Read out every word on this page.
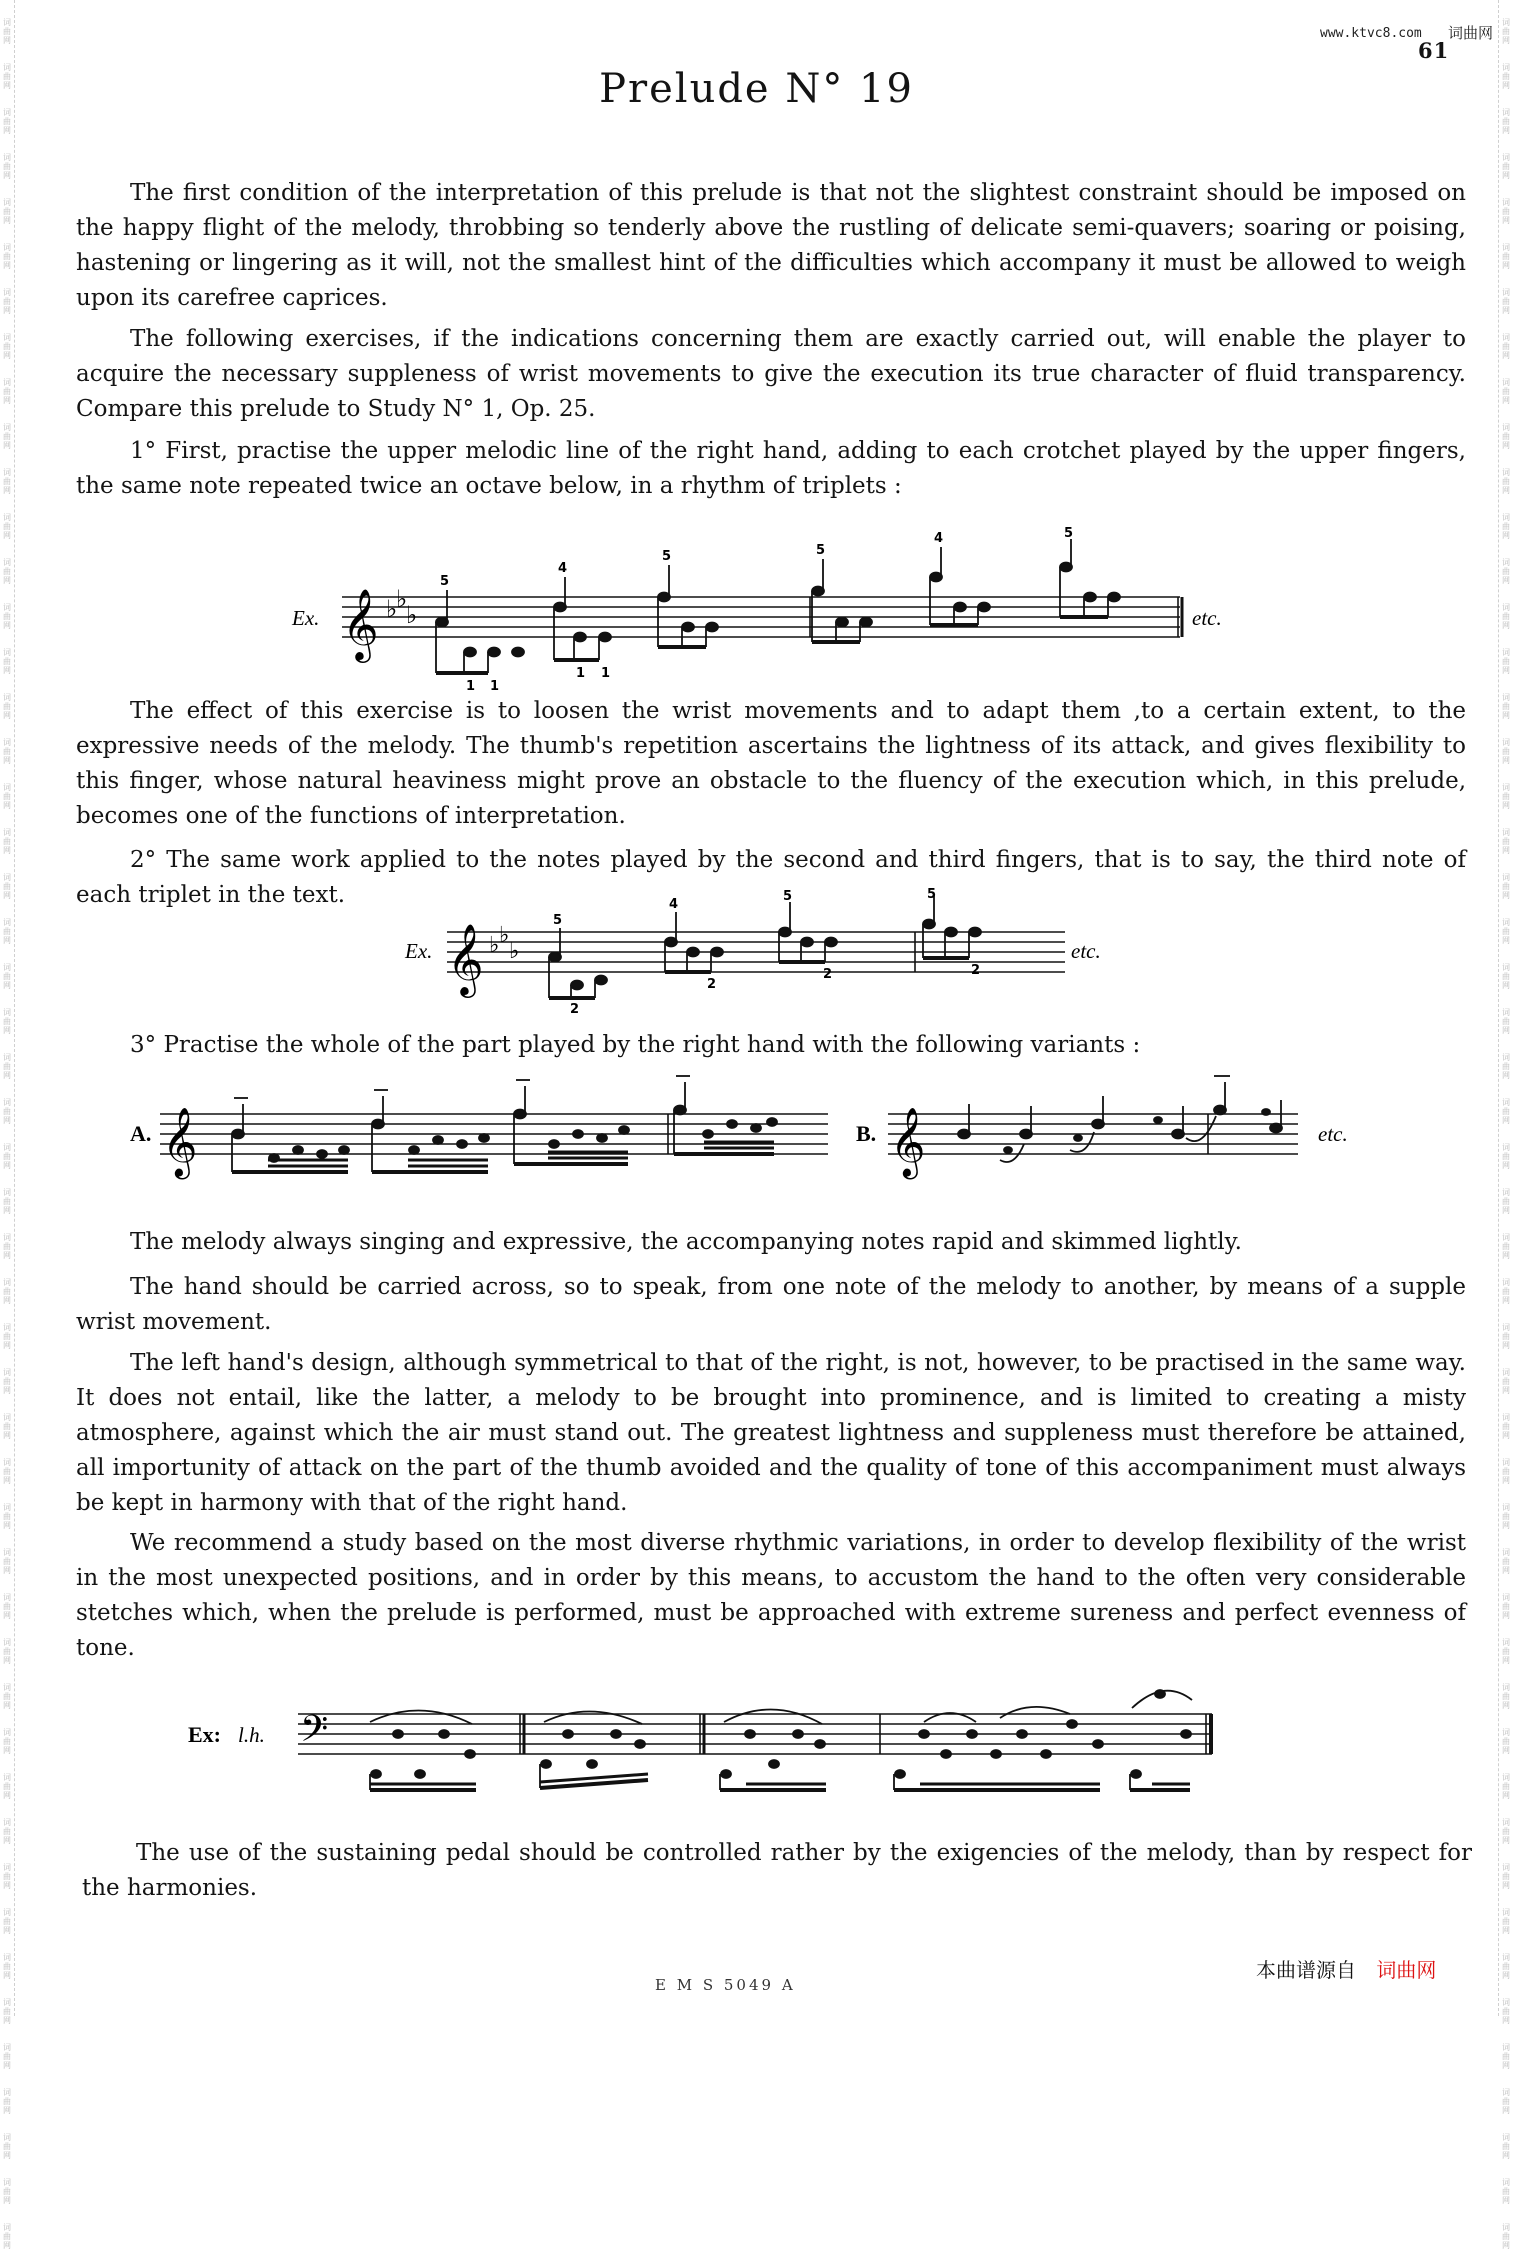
词曲网
词曲网
词曲网
词曲网
词曲网
词曲网
词曲网
词曲网
词曲网
词曲网
词曲网
词曲网
词曲网
词曲网
词曲网
词曲网
词曲网
词曲网
词曲网
词曲网
词曲网
词曲网
词曲网
词曲网
词曲网
词曲网
词曲网
词曲网
词曲网
词曲网
词曲网
词曲网
词曲网
词曲网
词曲网
词曲网
词曲网
词曲网
词曲网
词曲网
词曲网
词曲网
词曲网
词曲网
词曲网
词曲网
词曲网
词曲网
词曲网
词曲网
词曲网
词曲网
词曲网
词曲网
词曲网
词曲网
词曲网
词曲网
词曲网
词曲网
词曲网
词曲网
词曲网
词曲网
词曲网
词曲网
词曲网
词曲网
词曲网
词曲网
词曲网
词曲网
词曲网
词曲网
词曲网
词曲网
词曲网
词曲网
词曲网
词曲网
词曲网
词曲网
词曲网
词曲网
词曲网
词曲网
词曲网
词曲网
词曲网
词曲网
词曲网
词曲网
词曲网
词曲网
词曲网
词曲网
词曲网
词曲网
词曲网
词曲网
www.ktvc8.com 词曲网
61
Prelude N° 19

The first condition of the interpretation of this prelude is that not the slightest constraint should be imposed on the happy flight of the melody, throbbing so tenderly above the rustling of delicate semi-quavers; soaring or poising, hastening or lingering as it will, not the smallest hint of the difficulties which accompany it must be allowed to weigh upon its carefree caprices.

The following exercises, if the indications concerning them are exactly carried out, will enable the player to acquire the necessary suppleness of wrist movements to give the execution its true character of fluid transparency. Compare this prelude to Study N° 1, Op. 25.

1° First, practise the upper melodic line of the right hand, adding to each crotchet played by the upper fingers, the same note repeated twice an octave below, in a rhythm of triplets :

Ex. 𝄞 ♭
♭
♭
5
4
5	5
4	5
1 1
1 1
etc.

The effect of this exercise is to loosen the wrist movements and to adapt them ,to a certain extent, to the expressive needs of the melody. The thumb's repetition ascertains the lightness of its attack, and gives flexibility to this finger, whose natural heaviness might prove an obstacle to the fluency of the execution which, in this prelude, becomes one of the functions of interpretation.

2° The same work applied to the notes played by the second and third fingers, that is to say, the third note of each triplet in the text.

Ex. 𝄞 ♭ ♭
♭
5
4
5	5
2
2
2	2
etc.

3° Practise the whole of the part played by the right hand with the following variants :

A. 𝄞	B. 𝄞	etc.

The melody always singing and expressive, the accompanying notes rapid and skimmed lightly.

The hand should be carried across, so to speak, from one note of the melody to another, by means of a supple wrist movement.

The left hand's design, although symmetrical to that of the right, is not, however, to be practised in the same way. It does not entail, like the latter, a melody to be brought into prominence, and is limited to creating a misty atmosphere, against which the air must stand out. The greatest lightness and suppleness must therefore be attained, all importunity of attack on the part of the thumb avoided and the quality of tone of this accompaniment must always be kept in harmony with that of the right hand.

We recommend a study based on the most diverse rhythmic variations, in order to develop flexibility of the wrist in the most unexpected positions, and in order by this means, to accustom the hand to the often very considerable stetches which, when the prelude is performed, must be approached with extreme sureness and perfect evenness of tone.

Ex: l.h. 𝄢

The use of the sustaining pedal should be controlled rather by the exigencies of the melody, than by respect for the harmonies.

E M S 5049 A
本曲谱源自 词曲网
